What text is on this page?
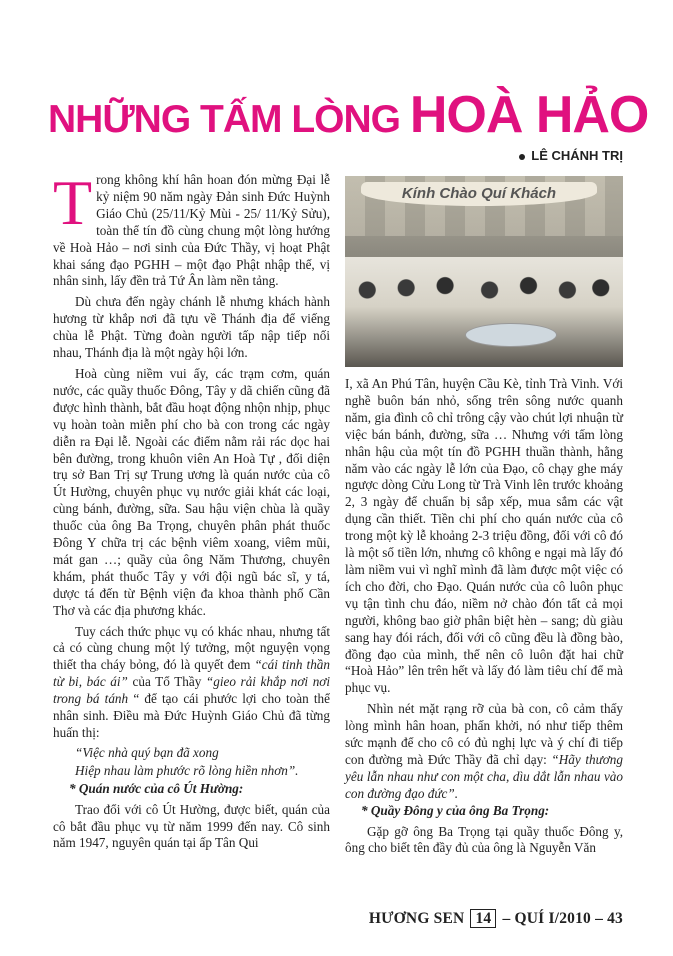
NHỮNG TẤM LÒNG HOÀ HẢO
LÊ CHÁNH TRỊ

Trong không khí hân hoan đón mừng Đại lễ kỷ niệm 90 năm ngày Đản sinh Đức Huỳnh Giáo Chủ (25/11/Kỷ Mùi - 25/ 11/Kỷ Sửu), toàn thể tín đồ cùng chung một lòng hướng về Hoà Hảo – nơi sinh của Đức Thầy, vị hoạt Phật khai sáng đạo PGHH – một đạo Phật nhập thế, vị nhân sinh, lấy đền trả Tứ Ân làm nền tảng.

Dù chưa đến ngày chánh lễ nhưng khách hành hương từ khắp nơi đã tựu về Thánh địa để viếng chùa lễ Phật. Từng đoàn người tấp nập tiếp nối nhau, Thánh địa là một ngày hội lớn.

Hoà cùng niềm vui ấy, các trạm cơm, quán nước, các quầy thuốc Đông, Tây y dã chiến cũng đã được hình thành, bắt đầu hoạt động nhộn nhịp, phục vụ hoàn toàn miễn phí cho bà con trong các ngày diễn ra Đại lễ. Ngoài các điểm nằm rải rác dọc hai bên đường, trong khuôn viên An Hoà Tự , đối diện trụ sở Ban Trị sự Trung ương là quán nước của cô Út Hường, chuyên phục vụ nước giải khát các loại, cùng bánh, đường, sữa. Sau hậu viện chùa là quầy thuốc của ông Ba Trọng, chuyên phân phát thuốc Đông Y chữa trị các bệnh viêm xoang, viêm mũi, mát gan …; quầy của ông Năm Thương, chuyên khám, phát thuốc Tây y với đội ngũ bác sĩ, y tá, dược tá đến từ Bệnh viện đa khoa thành phố Cần Thơ và các địa phương khác.

Tuy cách thức phục vụ có khác nhau, nhưng tất cả có cùng chung một lý tưởng, một nguyện vọng thiết tha cháy bỏng, đó là quyết đem “cái tinh thần từ bi, bác ái” của Tổ Thầy “gieo rải khắp nơi nơi trong bá tánh “ để tạo cái phước lợi cho toàn thể nhân sinh. Điều mà Đức Huỳnh Giáo Chủ đã từng huấn thị:

“Việc nhà quý bạn đã xong
Hiệp nhau làm phước rõ lòng hiền nhơn”.

* Quán nước của cô Út Hường:

Trao đổi với cô Út Hường, được biết, quán của cô bắt đầu phục vụ từ năm 1999 đến nay. Cô sinh năm 1947, nguyên quán tại ấp Tân Qui

Kính Chào Quí Khách

I, xã An Phú Tân, huyện Cầu Kè, tỉnh Trà Vinh. Với nghề buôn bán nhỏ, sống trên sông nước quanh năm, gia đình cô chỉ trông cậy vào chút lợi nhuận từ việc bán bánh, đường, sữa … Nhưng với tấm lòng nhân hậu của một tín đồ PGHH thuần thành, hằng năm vào các ngày lễ lớn của Đạo, cô chạy ghe máy ngược dòng Cửu Long từ Trà Vinh lên trước khoảng 2, 3 ngày để chuẩn bị sắp xếp, mua sắm các vật dụng cần thiết. Tiền chi phí cho quán nước của cô trong một kỳ lễ khoảng 2-3 triệu đồng, đối với cô đó là một số tiền lớn, nhưng cô không e ngại mà lấy đó làm niềm vui vì nghĩ mình đã làm được một việc có ích cho đời, cho Đạo. Quán nước của cô luôn phục vụ tận tình chu đáo, niềm nở chào đón tất cả mọi người, không bao giờ phân biệt hèn – sang; dù giàu sang hay đói rách, đối với cô cũng đều là đồng bào, đồng đạo của mình, thế nên cô luôn đặt hai chữ “Hoà Hảo” lên trên hết và lấy đó làm tiêu chí để mà phục vụ.

Nhìn nét mặt rạng rỡ của bà con, cô cảm thấy lòng mình hân hoan, phấn khởi, nó như tiếp thêm sức mạnh để cho cô có đủ nghị lực và ý chí đi tiếp con đường mà Đức Thầy đã chỉ dạy: “Hãy thương yêu lẫn nhau như con một cha, dìu dắt lẫn nhau vào con đường đạo đức”.

* Quầy Đông y của ông Ba Trọng:

Gặp gỡ ông Ba Trọng tại quầy thuốc Đông y, ông cho biết tên đầy đủ của ông là Nguyễn Văn

HƯƠNG SEN 14 – QUÍ I/2010 – 43
